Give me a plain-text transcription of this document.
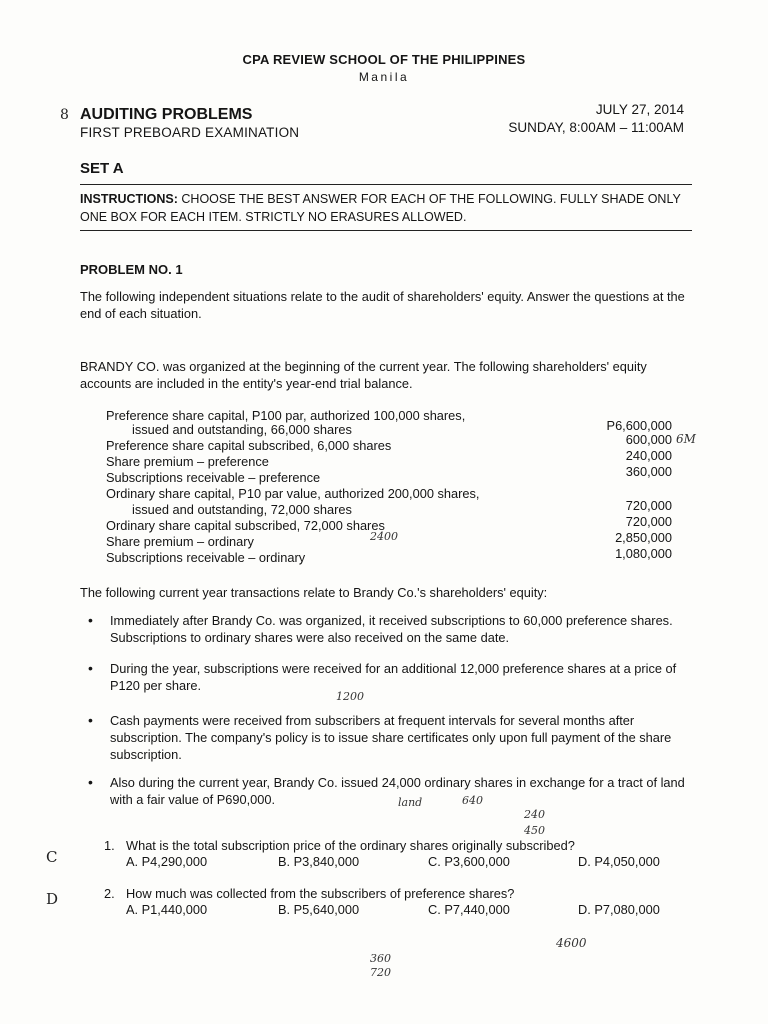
CPA REVIEW SCHOOL OF THE PHILIPPINES
Manila
8 AUDITING PROBLEMS
FIRST PREBOARD EXAMINATION
JULY 27, 2014
SUNDAY, 8:00AM – 11:00AM
SET A
INSTRUCTIONS: CHOOSE THE BEST ANSWER FOR EACH OF THE FOLLOWING. FULLY SHADE ONLY ONE BOX FOR EACH ITEM. STRICTLY NO ERASURES ALLOWED.
PROBLEM NO. 1
The following independent situations relate to the audit of shareholders' equity. Answer the questions at the end of each situation.
BRANDY CO. was organized at the beginning of the current year. The following shareholders' equity accounts are included in the entity's year-end trial balance.
Preference share capital, P100 par, authorized 100,000 shares,
issued and outstanding, 66,000 shares	P6,600,000
Preference share capital subscribed, 6,000 shares	600,000
Share premium – preference	240,000
Subscriptions receivable – preference	360,000
Ordinary share capital, P10 par value, authorized 200,000 shares,
issued and outstanding, 72,000 shares	720,000
Ordinary share capital subscribed, 72,000 shares	720,000
Share premium – ordinary	2,850,000
Subscriptions receivable – ordinary	1,080,000
6M
2400
The following current year transactions relate to Brandy Co.'s shareholders' equity:
• Immediately after Brandy Co. was organized, it received subscriptions to 60,000 preference shares. Subscriptions to ordinary shares were also received on the same date.
• During the year, subscriptions were received for an additional 12,000 preference shares at a price of P120 per share.
• Cash payments were received from subscribers at frequent intervals for several months after subscription. The company's policy is to issue share certificates only upon full payment of the share subscription.
• Also during the current year, Brandy Co. issued 24,000 ordinary shares in exchange for a tract of land with a fair value of P690,000.
1200
land	640
240
450
C
1. What is the total subscription price of the ordinary shares originally subscribed?
A. P4,290,000	B. P3,840,000	C. P3,600,000	D. P4,050,000
D	2. How much was collected from the subscribers of preference shares?
A. P1,440,000	B. P5,640,000	C. P7,440,000	D. P7,080,000
4600
360
720
